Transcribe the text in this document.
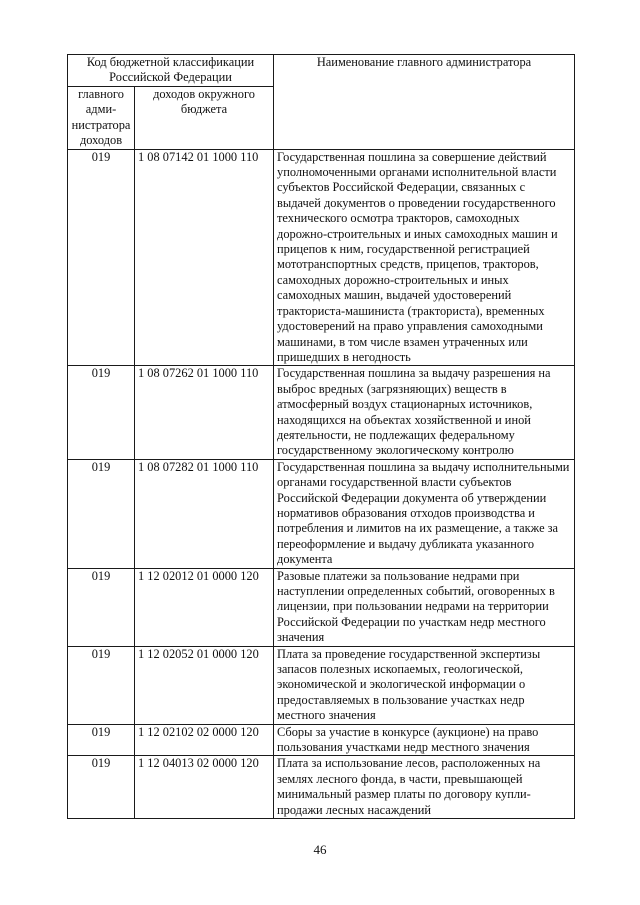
Код бюджетной классификации Российской Федерации		Наименование главного администратора
главного адми-нистратора доходов	доходов окружного бюджета	
019	1 08 07142 01 1000 110	Государственная пошлина за совершение действий уполномоченными органами исполнительной власти субъектов Российской Федерации, связанных с выдачей документов о проведении государственного технического осмотра тракторов, самоходных дорожно-строительных и иных самоходных машин и прицепов к ним, государственной регистрацией мототранспортных средств, прицепов, тракторов, самоходных дорожно-строительных и иных самоходных машин, выдачей удостоверений тракториста-машиниста (тракториста), временных удостоверений на право управления самоходными машинами, в том числе взамен утраченных или пришедших в негодность
019	1 08 07262 01 1000 110	Государственная пошлина за выдачу разрешения на выброс вредных (загрязняющих) веществ в атмосферный воздух стационарных источников, находящихся на объектах хозяйственной и иной деятельности, не подлежащих федеральному государственному экологическому контролю
019	1 08 07282 01 1000 110	Государственная пошлина за выдачу исполнительными органами государственной власти субъектов Российской Федерации документа об утверждении нормативов образования отходов производства и потребления и лимитов на их размещение, а также за переоформление и выдачу дубликата указанного документа
019	1 12 02012 01 0000 120	Разовые платежи за пользование недрами при наступлении определенных событий, оговоренных в лицензии, при пользовании недрами на территории Российской Федерации по участкам недр местного значения
019	1 12 02052 01 0000 120	Плата за проведение государственной экспертизы запасов полезных ископаемых, геологической, экономической и экологической информации о предоставляемых в пользование участках недр местного значения
019	1 12 02102 02 0000 120	Сборы за участие в конкурсе (аукционе) на право пользования участками недр местного значения
019	1 12 04013 02 0000 120	Плата за использование лесов, расположенных на землях лесного фонда, в части, превышающей минимальный размер платы по договору купли-продажи лесных насаждений
46
